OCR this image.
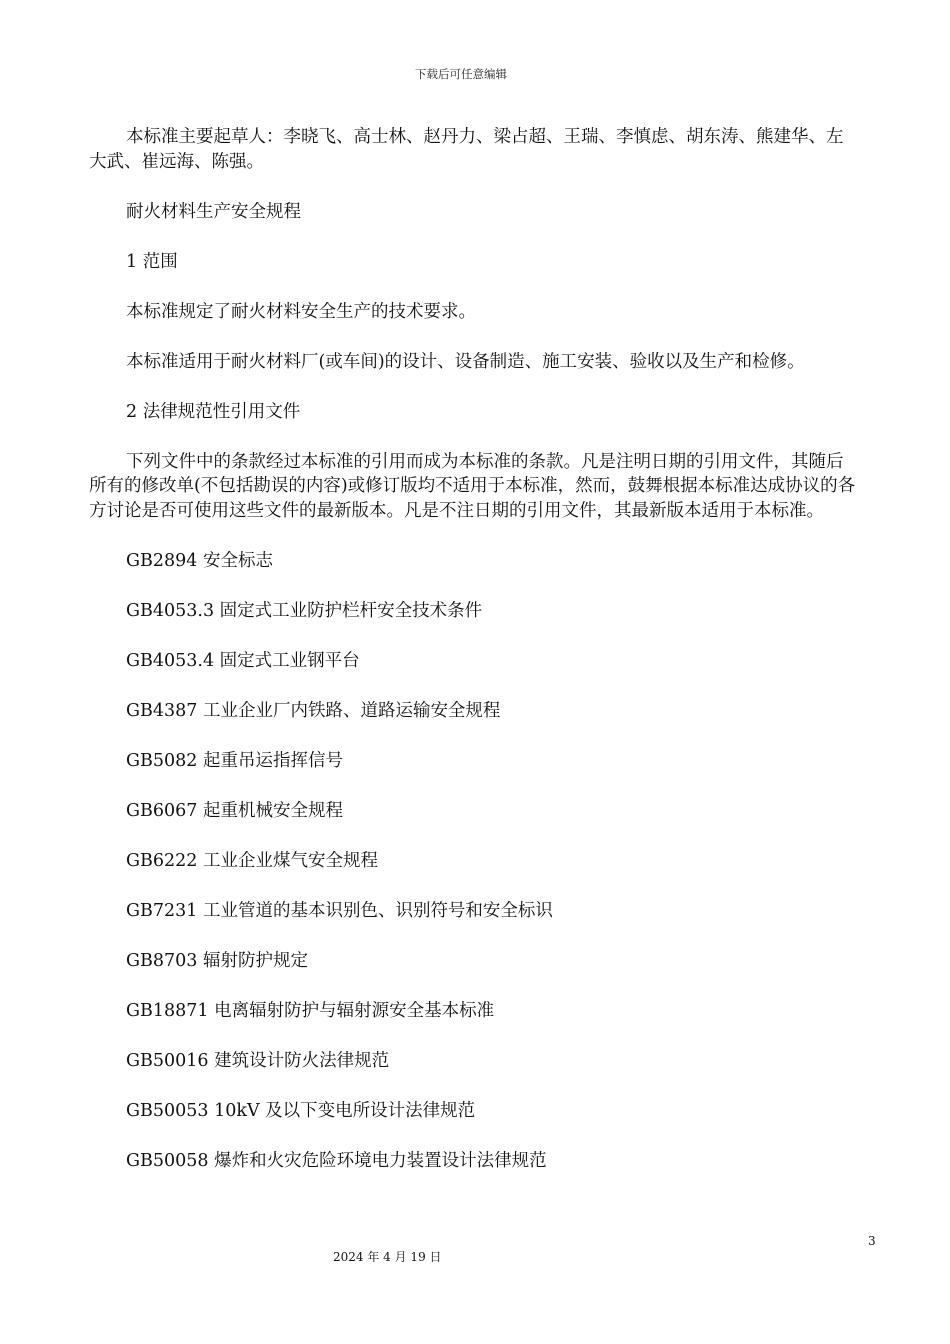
下载后可任意编辑

本标准主要起草人：李晓飞、高士林、赵丹力、梁占超、王瑞、李慎虑、胡东涛、熊建华、左大武、崔远海、陈强。

耐火材料生产安全规程

1 范围

本标准规定了耐火材料安全生产的技术要求。

本标准适用于耐火材料厂(或车间)的设计、设备制造、施工安装、验收以及生产和检修。

2 法律规范性引用文件

下列文件中的条款经过本标准的引用而成为本标准的条款。凡是注明日期的引用文件，其随后所有的修改单(不包括勘误的内容)或修订版均不适用于本标准，然而，鼓舞根据本标准达成协议的各方讨论是否可使用这些文件的最新版本。凡是不注日期的引用文件，其最新版本适用于本标准。

GB2894 安全标志

GB4053.3 固定式工业防护栏杆安全技术条件

GB4053.4 固定式工业钢平台

GB4387 工业企业厂内铁路、道路运输安全规程

GB5082 起重吊运指挥信号

GB6067 起重机械安全规程

GB6222 工业企业煤气安全规程

GB7231 工业管道的基本识别色、识别符号和安全标识

GB8703 辐射防护规定

GB18871 电离辐射防护与辐射源安全基本标准

GB50016 建筑设计防火法律规范

GB50053 10kV 及以下变电所设计法律规范

GB50058 爆炸和火灾危险环境电力装置设计法律规范

3
2024 年 4 月 19 日
